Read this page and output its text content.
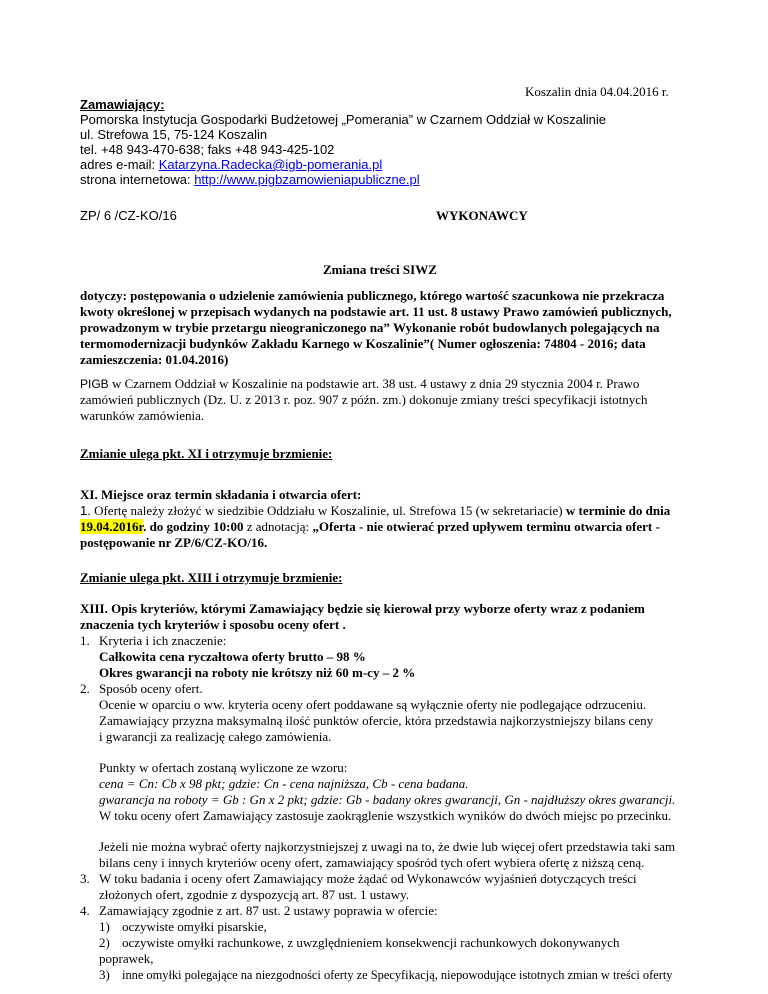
Koszalin dnia 04.04.2016 r.
Zamawiający:
Pomorska Instytucja Gospodarki Budżetowej „Pomerania” w Czarnem Oddział w Koszalinie
ul. Strefowa 15, 75-124 Koszalin
tel. +48 943-470-638; faks +48 943-425-102
adres e-mail: Katarzyna.Radecka@igb-pomerania.pl
strona internetowa: http://www.pigbzamowieniapubliczne.pl
ZP/ 6 /CZ-KO/16	WYKONAWCY
Zmiana treści SIWZ
dotyczy: postępowania o udzielenie zamówienia publicznego, którego wartość szacunkowa nie przekracza
kwoty określonej w przepisach wydanych na podstawie art. 11 ust. 8 ustawy Prawo zamówień publicznych,
prowadzonym w trybie przetargu nieograniczonego na” Wykonanie robót budowlanych polegających na
termomodernizacji budynków Zakładu Karnego w Koszalinie”( Numer ogłoszenia: 74804 - 2016; data
zamieszczenia: 01.04.2016)
PIGB w Czarnem Oddział w Koszalinie na podstawie art. 38 ust. 4 ustawy z dnia 29 stycznia 2004 r. Prawo
zamówień publicznych (Dz. U. z 2013 r. poz. 907 z późn. zm.) dokonuje zmiany treści specyfikacji istotnych
warunków zamówienia.
Zmianie ulega pkt. XI i otrzymuje brzmienie:
XI. Miejsce oraz termin składania i otwarcia ofert:
1. Ofertę należy złożyć w siedzibie Oddziału w Koszalinie, ul. Strefowa 15 (w sekretariacie) w terminie do dnia
19.04.2016r. do godziny 10:00 z adnotacją: „Oferta - nie otwierać przed upływem terminu otwarcia ofert -
postępowanie nr ZP/6/CZ-KO/16.
Zmianie ulega pkt. XIII i otrzymuje brzmienie:
XIII. Opis kryteriów, którymi Zamawiający będzie się kierował przy wyborze oferty wraz z podaniem
znaczenia tych kryteriów i sposobu oceny ofert .
1. Kryteria i ich znaczenie:
Całkowita cena ryczałtowa oferty brutto – 98 %
Okres gwarancji na roboty nie krótszy niż 60 m-cy – 2 %
2. Sposób oceny ofert.
Ocenie w oparciu o ww. kryteria oceny ofert poddawane są wyłącznie oferty nie podlegające odrzuceniu.
Zamawiający przyzna maksymalną ilość punktów ofercie, która przedstawia najkorzystniejszy bilans ceny
i gwarancji za realizację całego zamówienia.
Punkty w ofertach zostaną wyliczone ze wzoru:
cena = Cn: Cb x 98 pkt; gdzie: Cn - cena najniższa, Cb - cena badana.
gwarancja na roboty = Gb : Gn x 2 pkt; gdzie: Gb - badany okres gwarancji, Gn - najdłuższy okres gwarancji.
W toku oceny ofert Zamawiający zastosuje zaokrąglenie wszystkich wyników do dwóch miejsc po przecinku.
Jeżeli nie można wybrać oferty najkorzystniejszej z uwagi na to, że dwie lub więcej ofert przedstawia taki sam
bilans ceny i innych kryteriów oceny ofert, zamawiający spośród tych ofert wybiera ofertę z niższą ceną.
3. W toku badania i oceny ofert Zamawiający może żądać od Wykonawców wyjaśnień dotyczących treści
złożonych ofert, zgodnie z dyspozycją art. 87 ust. 1 ustawy.
4. Zamawiający zgodnie z art. 87 ust. 2 ustawy poprawia w ofercie:
1) oczywiste omyłki pisarskie,
2) oczywiste omyłki rachunkowe, z uwzględnieniem konsekwencji rachunkowych dokonywanych
poprawek,
3) inne omyłki polegające na niezgodności oferty ze Specyfikacją, niepowodujące istotnych zmian w treści oferty
